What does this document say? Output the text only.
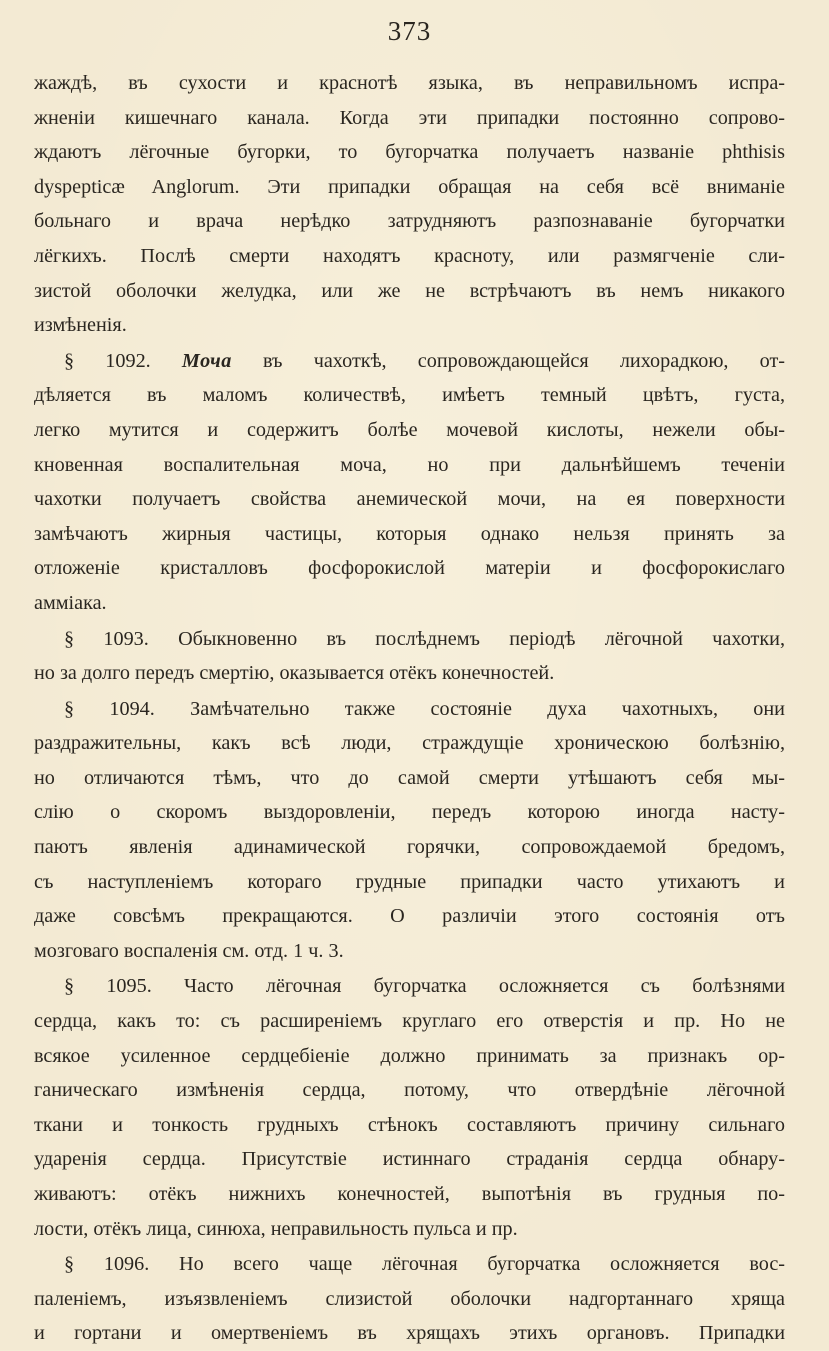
373
жаждѣ, въ сухости и краснотѣ языка, въ неправильномъ испра-
жненіи кишечнаго канала. Когда эти припадки постоянно сопрово-
ждаютъ лёгочные бугорки, то бугорчатка получаетъ названіе phthisis
dyspepticæ Anglorum. Эти припадки обращая на себя всё вниманіе
больнаго и врача нерѣдко затрудняютъ разпознаваніе бугорчатки
лёгкихъ. Послѣ смерти находятъ красноту, или размягченіе сли-
зистой оболочки желудка, или же не встрѣчаютъ въ немъ никакого
измѣненія.
§ 1092. Моча въ чахоткѣ, сопровождающейся лихорадкою, от-
дѣляется въ маломъ количествѣ, имѣетъ темный цвѣтъ, густа,
легко мутится и содержитъ болѣе мочевой кислоты, нежели обы-
кновенная воспалительная моча, но при дальнѣйшемъ теченіи
чахотки получаетъ свойства анемической мочи, на ея поверхности
замѣчаютъ жирныя частицы, которыя однако нельзя принять за
отложеніе кристалловъ фосфорокислой матеріи и фосфорокислаго
аммiака.
§ 1093. Обыкновенно въ послѣднемъ періодѣ лёгочной чахотки,
но за долго передъ смертію, оказывается отёкъ конечностей.
§ 1094. Замѣчательно также состояніе духа чахотныхъ, они
раздражительны, какъ всѣ люди, страждущіе хроническою болѣзнію,
но отличаются тѣмъ, что до самой смерти утѣшаютъ себя мы-
слію о скоромъ выздоровленіи, передъ которою иногда насту-
паютъ явленія адинамической горячки, сопровождаемой бредомъ,
съ наступленіемъ котораго грудные припадки часто утихаютъ и
даже совсѣмъ прекращаются. О различіи этого состоянія отъ
мозговаго воспаленія см. отд. 1 ч. 3.
§ 1095. Часто лёгочная бугорчатка осложняется съ болѣзнями
сердца, какъ то: съ расширеніемъ круглаго его отверстія и пр. Но не
всякое усиленное сердцебіеніе должно принимать за признакъ ор-
ганическаго измѣненія сердца, потому, что отвердѣніе лёгочной
ткани и тонкость грудныхъ стѣнокъ составляютъ причину сильнаго
ударенія сердца. Присутствіе истиннаго страданія сердца обнару-
живаютъ: отёкъ нижнихъ конечностей, выпотѣнія въ грудныя по-
лости, отёкъ лица, синюха, неправильность пульса и пр.
§ 1096. Но всего чаще лёгочная бугорчатка осложняется вос-
паленіемъ, изъязвленіемъ слизистой оболочки надгортаннаго хряща
и гортани и омертвеніемъ въ хрящахъ этихъ органовъ. Припадки
